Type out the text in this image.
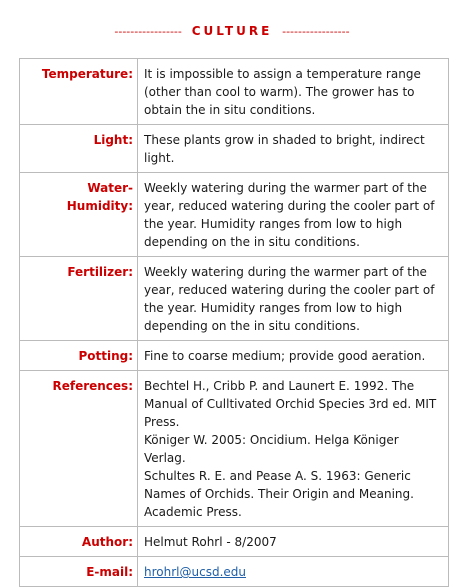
----------------- CULTURE -----------------
Temperature:	It is impossible to assign a temperature range (other than cool to warm). The grower has to obtain the in situ conditions.
Light:	These plants grow in shaded to bright, indirect light.

Water-
Humidity:	Weekly watering during the warmer part of the year, reduced watering during the cooler part of the year. Humidity ranges from low to high depending on the in situ conditions.
Fertilizer:	Weekly watering during the warmer part of the year, reduced watering during the cooler part of the year. Humidity ranges from low to high depending on the in situ conditions.
Potting:	Fine to coarse medium; provide good aeration.
References:	Bechtel H., Cribb P. and Launert E. 1992. The Manual of Culltivated Orchid Species 3rd ed. MIT Press.
Königer W. 2005: Oncidium. Helga Königer Verlag.
Schultes R. E. and Pease A. S. 1963: Generic Names of Orchids. Their Origin and Meaning. Academic Press.

Author:	Helmut Rohrl - 8/2007
E-mail:	hrohrl@ucsd.edu
